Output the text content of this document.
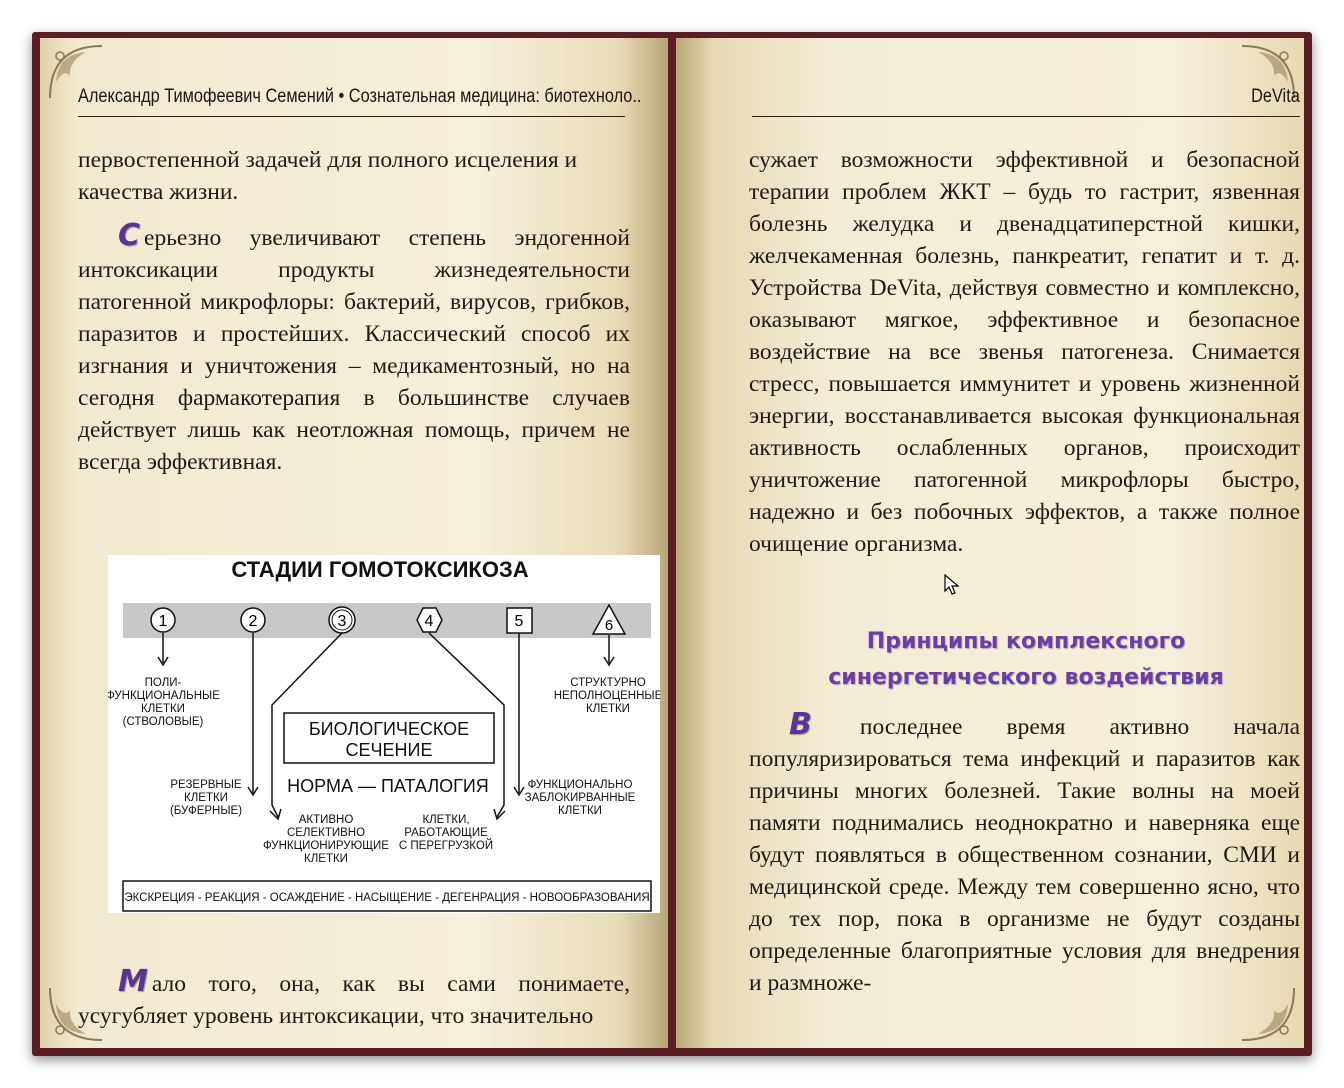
Александр Тимофеевич Семений • Сознательная медицина: биотехноло..
первостепенной задачей для полного исцеления и качества жизни.
С ерьезно увеличивают степень эндогенной интоксикации продукты жизнедеятельности патогенной микрофлоры: бактерий, вирусов, грибков, паразитов и простейших. Классический способ их изгнания и уничтожения – медикаментозный, но на сегодня фармакотерапия в большинстве случаев действует лишь как неотложная помощь, причем не всегда эффективная.
СТАДИИ ГОМОТОКСИКОЗА
1	2	3	4	5	6
ПОЛИ-
ФУНКЦИОНАЛЬНЫЕ
КЛЕТКИ
(СТВОЛОВЫЕ)
РЕЗЕРВНЫЕ
КЛЕТКИ
(БУФЕРНЫЕ)
АКТИВНО
СЕЛЕКТИВНО
ФУНКЦИОНИРУЮЩИЕ
КЛЕТКИ
КЛЕТКИ,
РАБОТАЮЩИЕ
С ПЕРЕГРУЗКОЙ
ФУНКЦИОНАЛЬНО
ЗАБЛОКИРВАННЫЕ
КЛЕТКИ
СТРУКТУРНО
НЕПОЛНОЦЕННЫЕ
КЛЕТКИ
БИОЛОГИЧЕСКОЕ
СЕЧЕНИЕ
НОРМА — ПАТАЛОГИЯ
ЭКСКРЕЦИЯ - РЕАКЦИЯ - ОСАЖДЕНИЕ - НАСЫЩЕНИЕ - ДЕГЕНРАЦИЯ - НОВООБРАЗОВАНИЯ
М ало того, она, как вы сами понимаете, усугубляет уровень интоксикации, что значительно
DeVita
сужает возможности эффективной и безопасной терапии проблем ЖКТ – будь то гастрит, язвенная болезнь желудка и двенадцатиперстной кишки, желчекаменная болезнь, панкреатит, гепатит и т. д. Устройства DeVita, действуя совместно и комплексно, оказывают мягкое, эффективное и безопасное воздействие на все звенья патогенеза. Снимается стресс, повышается иммунитет и уровень жизненной энергии, восстанавливается высокая функциональная активность ослабленных органов, происходит уничтожение патогенной микрофлоры быстро, надежно и без побочных эффектов, а также полное очищение организма.
Принципы комплексного
синергетического воздействия
В последнее время активно начала популяризироваться тема инфекций и паразитов как причины многих болезней. Такие волны на моей памяти поднимались неоднократно и наверняка еще будут появляться в общественном сознании, СМИ и медицинской среде. Между тем совершенно ясно, что до тех пор, пока в организме не будут созданы определенные благоприятные условия для внедрения и размноже-
